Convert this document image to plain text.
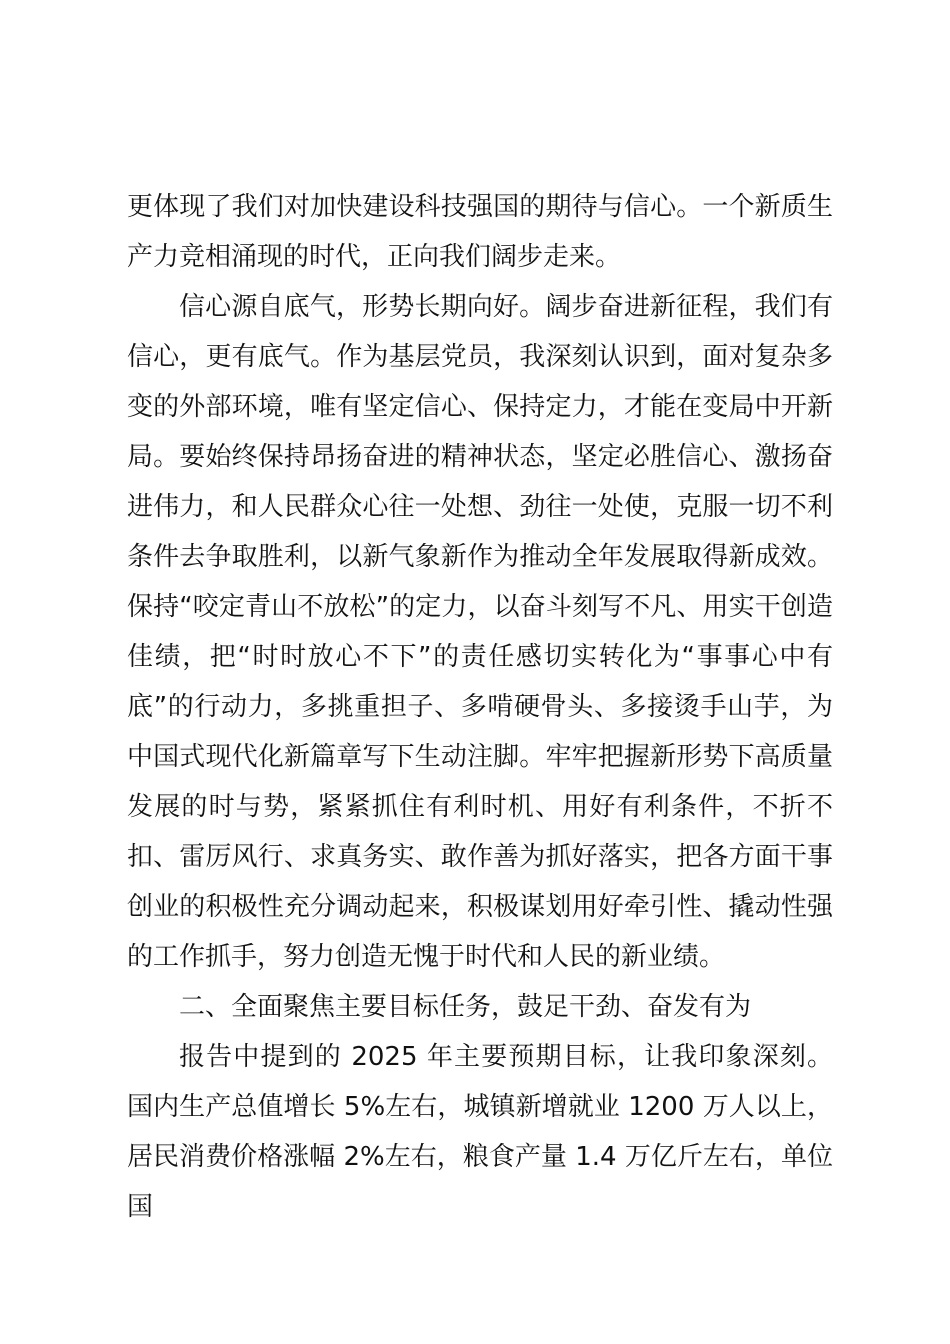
更体现了我们对加快建设科技强国的期待与信心。一个新质生产力竞相涌现的时代，正向我们阔步走来。

信心源自底气，形势长期向好。阔步奋进新征程，我们有信心，更有底气。作为基层党员，我深刻认识到，面对复杂多变的外部环境，唯有坚定信心、保持定力，才能在变局中开新局。要始终保持昂扬奋进的精神状态，坚定必胜信心、激扬奋进伟力，和人民群众心往一处想、劲往一处使，克服一切不利条件去争取胜利，以新气象新作为推动全年发展取得新成效。保持“咬定青山不放松”的定力，以奋斗刻写不凡、用实干创造佳绩，把“时时放心不下”的责任感切实转化为“事事心中有底”的行动力，多挑重担子、多啃硬骨头、多接烫手山芋，为中国式现代化新篇章写下生动注脚。牢牢把握新形势下高质量发展的时与势，紧紧抓住有利时机、用好有利条件，不折不扣、雷厉风行、求真务实、敢作善为抓好落实，把各方面干事创业的积极性充分调动起来，积极谋划用好牵引性、撬动性强的工作抓手，努力创造无愧于时代和人民的新业绩。

二、全面聚焦主要目标任务，鼓足干劲、奋发有为

报告中提到的 2025 年主要预期目标，让我印象深刻。国内生产总值增长 5%左右，城镇新增就业 1200 万人以上，居民消费价格涨幅 2%左右，粮食产量 1.4 万亿斤左右，单位国
